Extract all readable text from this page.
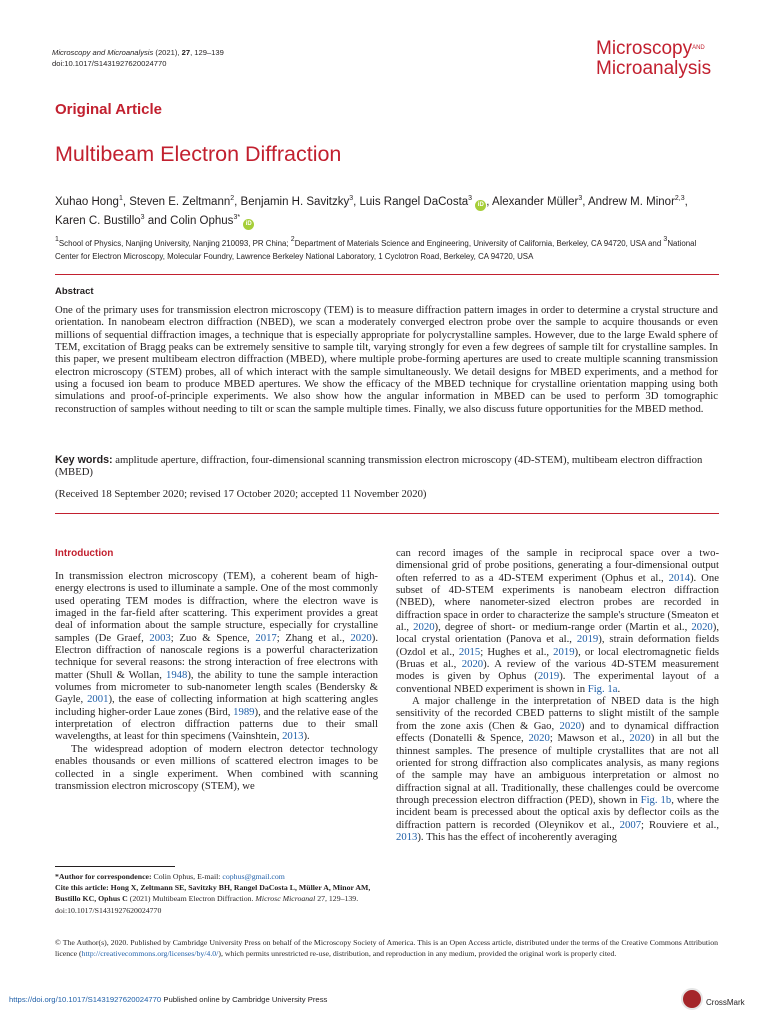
Microscopy and Microanalysis (2021), 27, 129–139
doi:10.1017/S1431927620024770
Microscopy$^{AND}$
Microanalysis
Original Article
Multibeam Electron Diffraction
Xuhao Hong$^1$, Steven E. Zeltmann$^2$, Benjamin H. Savitzky$^3$, Luis Rangel DaCosta$^3$ iD , Alexander Müller$^3$, Andrew M. Minor$^{2,3}$, Karen C. Bustillo$^3$ and Colin Ophus$^{3*}$ iD
$^1$School of Physics, Nanjing University, Nanjing 210093, PR China; $^2$Department of Materials Science and Engineering, University of California, Berkeley, CA 94720, USA and $^3$National Center for Electron Microscopy, Molecular Foundry, Lawrence Berkeley National Laboratory, 1 Cyclotron Road, Berkeley, CA 94720, USA
Abstract
One of the primary uses for transmission electron microscopy (TEM) is to measure diffraction pattern images in order to determine a crystal structure and orientation. In nanobeam electron diffraction (NBED), we scan a moderately converged electron probe over the sample to acquire thousands or even millions of sequential diffraction images, a technique that is especially appropriate for polycrystalline samples. However, due to the large Ewald sphere of TEM, excitation of Bragg peaks can be extremely sensitive to sample tilt, varying strongly for even a few degrees of sample tilt for crystalline samples. In this paper, we present multibeam electron diffraction (MBED), where multiple probe-forming apertures are used to create multiple scanning transmission electron microscopy (STEM) probes, all of which interact with the sample simultaneously. We detail designs for MBED experiments, and a method for using a focused ion beam to produce MBED apertures. We show the efficacy of the MBED technique for crystalline orientation mapping using both simulations and proof-of-principle experiments. We also show how the angular information in MBED can be used to perform 3D tomographic reconstruction of samples without needing to tilt or scan the sample multiple times. Finally, we also discuss future opportunities for the MBED method.
Key words: amplitude aperture, diffraction, four-dimensional scanning transmission electron microscopy (4D-STEM), multibeam electron diffraction (MBED)
(Received 18 September 2020; revised 17 October 2020; accepted 11 November 2020)
Introduction
In transmission electron microscopy (TEM), a coherent beam of high-energy electrons is used to illuminate a sample. One of the most commonly used operating TEM modes is diffraction, where the electron wave is imaged in the far-field after scattering. This experiment provides a great deal of information about the sample structure, especially for crystalline samples (De Graef, 2003; Zuo & Spence, 2017; Zhang et al., 2020). Electron diffraction of nanoscale regions is a powerful characterization technique for several reasons: the strong interaction of free electrons with matter (Shull & Wollan, 1948), the ability to tune the sample interaction volumes from micrometer to sub-nanometer length scales (Bendersky & Gayle, 2001), the ease of collecting information at high scattering angles including higher-order Laue zones (Bird, 1989), and the relative ease of the interpretation of electron diffraction patterns due to their small wavelengths, at least for thin specimens (Vainshtein, 2013).
The widespread adoption of modern electron detector technology enables thousands or even millions of scattered electron images to be collected in a single experiment. When combined with scanning transmission electron microscopy (STEM), we
can record images of the sample in reciprocal space over a two-dimensional grid of probe positions, generating a four-dimensional output often referred to as a 4D-STEM experiment (Ophus et al., 2014). One subset of 4D-STEM experiments is nanobeam electron diffraction (NBED), where nanometer-sized electron probes are recorded in diffraction space in order to characterize the sample's structure (Smeaton et al., 2020), degree of short- or medium-range order (Martin et al., 2020), local crystal orientation (Panova et al., 2019), strain deformation fields (Ozdol et al., 2015; Hughes et al., 2019), or local electromagnetic fields (Bruas et al., 2020). A review of the various 4D-STEM measurement modes is given by Ophus (2019). The experimental layout of a conventional NBED experiment is shown in Fig. 1a.
A major challenge in the interpretation of NBED data is the high sensitivity of the recorded CBED patterns to slight mistilt of the sample from the zone axis (Chen & Gao, 2020) and to dynamical diffraction effects (Donatelli & Spence, 2020; Mawson et al., 2020) in all but the thinnest samples. The presence of multiple crystallites that are not all oriented for strong diffraction also complicates analysis, as many regions of the sample may have an ambiguous interpretation or almost no diffraction signal at all. Traditionally, these challenges could be overcome through precession electron diffraction (PED), shown in Fig. 1b, where the incident beam is precessed about the optical axis by deflector coils as the diffraction pattern is recorded (Oleynikov et al., 2007; Rouviere et al., 2013). This has the effect of incoherently averaging
*Author for correspondence: Colin Ophus, E-mail: cophus@gmail.com
Cite this article: Hong X, Zeltmann SE, Savitzky BH, Rangel DaCosta L, Müller A, Minor AM, Bustillo KC, Ophus C (2021) Multibeam Electron Diffraction. Microsc Microanal 27, 129–139. doi:10.1017/S1431927620024770
© The Author(s), 2020. Published by Cambridge University Press on behalf of the Microscopy Society of America. This is an Open Access article, distributed under the terms of the Creative Commons Attribution licence (http://creativecommons.org/licenses/by/4.0/), which permits unrestricted re-use, distribution, and reproduction in any medium, provided the original work is properly cited.
https://doi.org/10.1017/S1431927620024770 Published online by Cambridge University Press	CrossMark
